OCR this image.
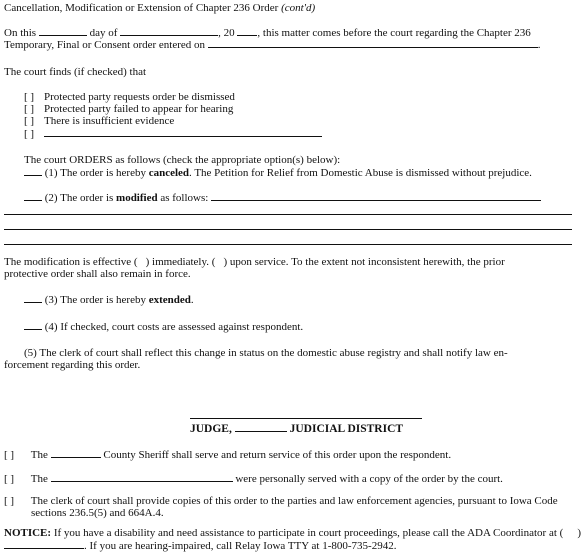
Cancellation, Modification or Extension of Chapter 236 Order (cont'd)
On this	day of	, 20 , this matter comes before the court regarding the Chapter 236
Temporary, Final or Consent order entered on	.
The court finds (if checked) that
[ ] Protected party requests order be dismissed
[ ] Protected party failed to appear for hearing
[ ] There is insufficient evidence
[ ]
The court ORDERS as follows (check the appropriate option(s) below):
(1) The order is hereby canceled. The Petition for Relief from Domestic Abuse is dismissed without prejudice.
(2) The order is modified as follows:
The modification is effective ( ) immediately. ( ) upon service. To the extent not inconsistent herewith, the prior
protective order shall also remain in force.
(3) The order is hereby extended.
(4) If checked, court costs are assessed against respondent.
(5) The clerk of court shall reflect this change in status on the domestic abuse registry and shall notify law en-
forcement regarding this order.
JUDGE,	JUDICIAL DISTRICT
[ ] The	County Sheriff shall serve and return service of this order upon the respondent.
[ ] The	were personally served with a copy of the order by the court.
[ ] The clerk of court shall provide copies of this order to the parties and law enforcement agencies, pursuant to Iowa Code
sections 236.5(5) and 664A.4.
NOTICE: If you have a disability and need assistance to participate in court proceedings, please call the ADA Coordinator at ( )
. If you are hearing-impaired, call Relay Iowa TTY at 1-800-735-2942.
